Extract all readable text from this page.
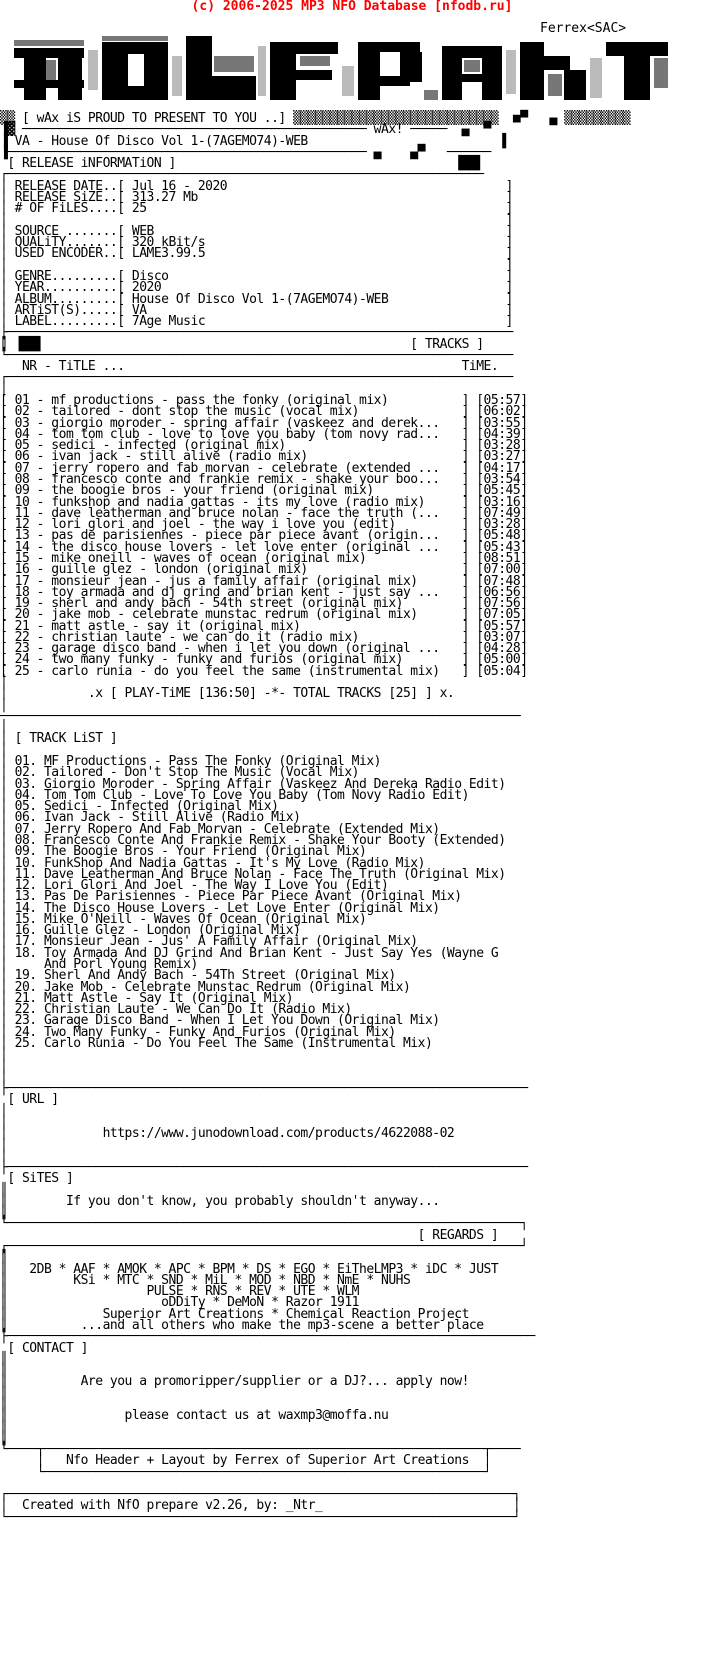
(c) 2006-2025 MP3 NFO Database [nfodb.ru]
Ferrex<SAC>
▒▒ [ wAx iS PROUD TO PRESENT TO YOU ..] ▒▒▒▒▒▒▒▒▒▒▒▒▒▒▒▒▒▒▒▒▒▒▒▒▒▒▒▒  ■▀   ▄ ▒▒▒▒▒▒▒▒▒
▐▓ ─────────────────────────────────────────────── wAx! ─────  ▄  ▀
▐ VA - House Of Disco Vol 1-(7AGEMO74)-WEB                          ▐
▐───────────────────────────────────────────────── ▄    ▄▀   ──────
[ RELEASE iNFORMATiON ]                                      ▐██▌
┌─────────────────────────────────────────────────────────────────
│ RELEASE DATE..[ Jul 16 - 2020                                      ]
│ RELEASE SiZE..[ 313.27 Mb                                          ]
│ # OF FiLES....[ 25                                                 ]
│                                                                    ]
│ SOURCE .......[ WEB                                                ]
│ QUALiTY.......[ 320 kBit/s                                         ]
│ USED ENCODER..[ LAME3.99.5                                         ]
│                                                                    ]
│ GENRE.........[ Disco                                              ]
│ YEAR..........[ 2020                                               ]
│ ALBUM.........[ House Of Disco Vol 1-(7AGEMO74)-WEB                ]
│ ARTiST(S).....[ VA                                                 ]
│ LABEL.........[ 7Age Music                                         ]
├─────────────────────────────────────────────────────────────────────
║ ▐██▌                                                  [ TRACKS ]
└─────────────────────────────────────────────────────────────────────
NR - TiTLE ...                                              TiME.
┌─────────────────────────────────────────────────────────────────────
│
[ 01 - mf productions - pass the fonky (original mix)          ] [05:57]
[ 02 - tailored - dont stop the music (vocal mix)              ] [06:02]
[ 03 - giorgio moroder - spring affair (vaskeez and derek...   ] [03:55]
[ 04 - tom tom club - love to love you baby (tom novy rad...   ] [04:39]
[ 05 - sedici - infected (original mix)                        ] [03:28]
[ 06 - ivan jack - still alive (radio mix)                     ] [03:27]
[ 07 - jerry ropero and fab morvan - celebrate (extended ...   ] [04:17]
[ 08 - francesco conte and frankie remix - shake your boo...   ] [03:54]
[ 09 - the boogie bros - your friend (original mix)            ] [05:45]
[ 10 - funkshop and nadia gattas - its my love (radio mix)     ] [03:16]
[ 11 - dave leatherman and bruce nolan - face the truth (...   ] [07:49]
[ 12 - lori glori and joel - the way i love you (edit)         ] [03:28]
[ 13 - pas de parisiennes - piece par piece avant (origin...   ] [05:48]
[ 14 - the disco house lovers - let love enter (original ...   ] [05:43]
[ 15 - mike oneill - waves of ocean (original mix)             ] [08:51]
[ 16 - guille glez - london (original mix)                     ] [07:00]
[ 17 - monsieur jean - jus a family affair (original mix)      ] [07:48]
[ 18 - toy armada and dj grind and brian kent - just say ...   ] [06:56]
[ 19 - sherl and andy bach - 54th street (original mix)        ] [07:56]
[ 20 - jake mob - celebrate munstac redrum (original mix)      ] [07:05]
[ 21 - matt astle - say it (original mix)                      ] [05:57]
[ 22 - christian laute - we can do it (radio mix)              ] [03:07]
[ 23 - garage disco band - when i let you down (original ...   ] [04:28]
[ 24 - two many funky - funky and furios (original mix)        ] [05:00]
[ 25 - carlo runia - do you feel the same (instrumental mix)   ] [05:04]
│
│           .x [ PLAY-TiME [136:50] -*- TOTAL TRACKS [25] ] x.
│
───────────────────────────────────────────────────────────────────────
│
│ [ TRACK LiST ]
│
│ 01. MF Productions - Pass The Fonky (Original Mix)
│ 02. Tailored - Don't Stop The Music (Vocal Mix)
│ 03. Giorgio Moroder - Spring Affair (Vaskeez And Dereka Radio Edit)
│ 04. Tom Tom Club - Love To Love You Baby (Tom Novy Radio Edit)
│ 05. Sedici - Infected (Original Mix)
│ 06. Ivan Jack - Still Alive (Radio Mix)
│ 07. Jerry Ropero And Fab Morvan - Celebrate (Extended Mix)
│ 08. Francesco Conte And Frankie Remix - Shake Your Booty (Extended)
│ 09. The Boogie Bros - Your Friend (Original Mix)
│ 10. FunkShop And Nadia Gattas - It's My Love (Radio Mix)
│ 11. Dave Leatherman And Bruce Nolan - Face The Truth (Original Mix)
│ 12. Lori Glori And Joel - The Way I Love You (Edit)
│ 13. Pas De Parisiennes - Piece Par Piece Avant (Original Mix)
│ 14. The Disco House Lovers - Let Love Enter (Original Mix)
│ 15. Mike O'Neill - Waves Of Ocean (Original Mix)
│ 16. Guille Glez - London (Original Mix)
│ 17. Monsieur Jean - Jus' A Family Affair (Original Mix)
│ 18. Toy Armada And DJ Grind And Brian Kent - Just Say Yes (Wayne G
│     And Porl Young Remix)
│ 19. Sherl And Andy Bach - 54Th Street (Original Mix)
│ 20. Jake Mob - Celebrate Munstac Redrum (Original Mix)
│ 21. Matt Astle - Say It (Original Mix)
│ 22. Christian Laute - We Can Do It (Radio Mix)
│ 23. Garage Disco Band - When I Let You Down (Original Mix)
│ 24. Two Many Funky - Funky And Furios (Original Mix)
│ 25. Carlo Runia - Do You Feel The Same (Instrumental Mix)
│
│
│
├───────────────────────────────────────────────────────────────────────
[ URL ]
│
│
│             https://www.junodownload.com/products/4622088-02
│
│
├───────────────────────────────────────────────────────────────────────
[ SiTES ]
║
║        If you don't know, you probably shouldn't anyway...
║
└──────────────────────────────────────────────────────────────────────┐
[ REGARDS ]
┌──────────────────────────────────────────────────────────────────────┘
║
║   2DB * AAF * AMOK * APC * BPM * DS * EGO * EiTheLMP3 * iDC * JUST
║         KSi * MTC * SND * MiL * MOD * NBD * NmE * NUHS
║                   PULSE * RNS * REV * UTE * WLM
║                     oDDiTy * DeMoN * Razor 1911
║             Superior Art Creations * Chemical Reaction Project
║          ...and all others who make the mp3-scene a better place
├────────────────────────────────────────────────────────────────────────
[ CONTACT ]
║
║
║          Are you a promoripper/supplier or a DJ?... apply now!
║
║
║                please contact us at waxmp3@moffa.nu
║
║
└────┬────────────────────────────────────────────────────────────┬────
│   Nfo Header + Layout by Ferrex of Superior Art Creations  │
└────────────────────────────────────────────────────────────┘
┌─────────────────────────────────────────────────────────────────────┐
│  Created with NfO prepare v2.26, by: _Ntr_                          │
└─────────────────────────────────────────────────────────────────────┘
